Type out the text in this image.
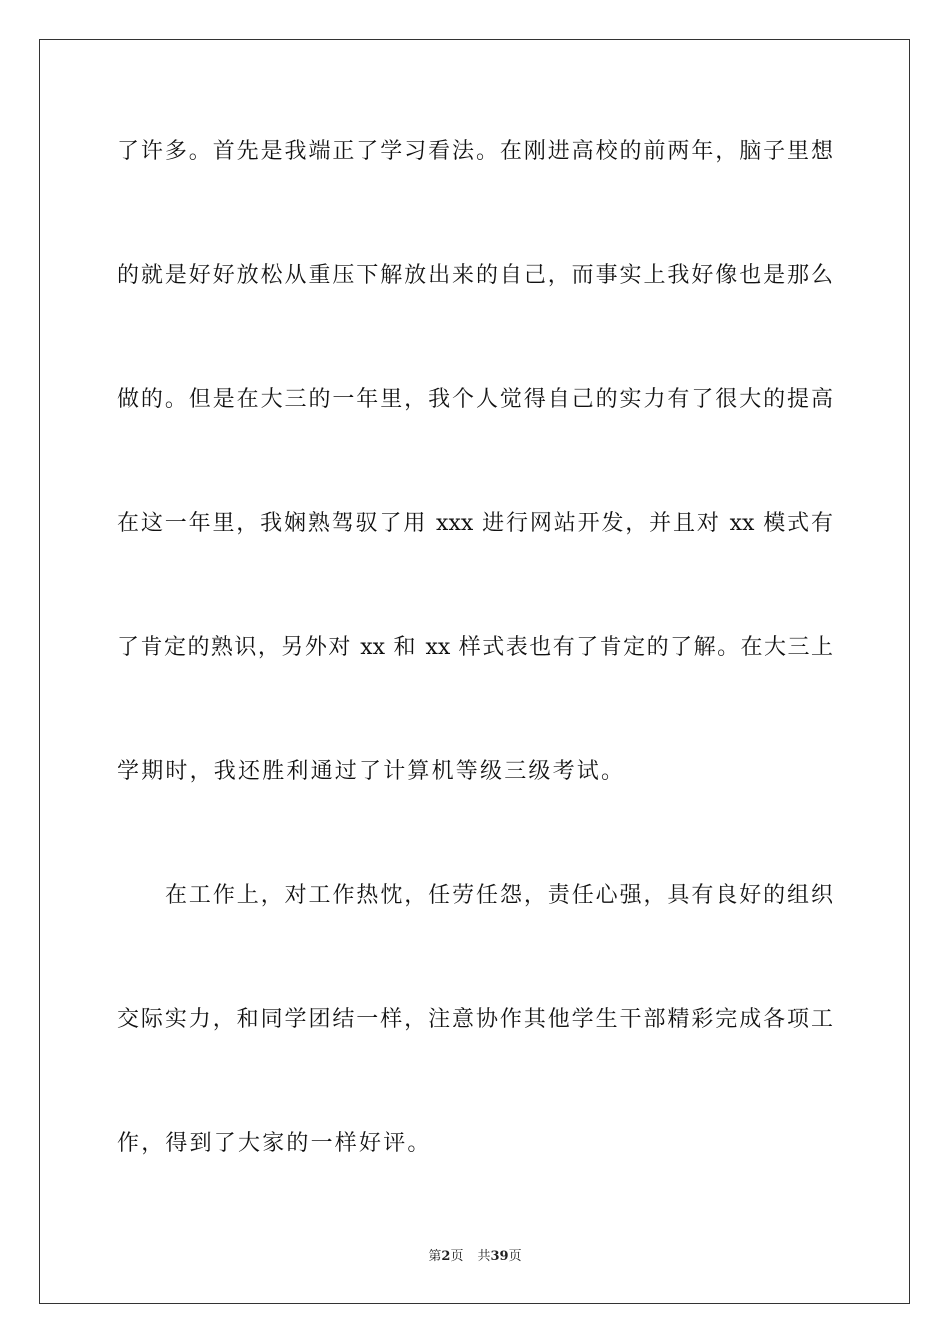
了许多。首先是我端正了学习看法。在刚进高校的前两年，脑子里想
的就是好好放松从重压下解放出来的自己，而事实上我好像也是那么
做的。但是在大三的一年里，我个人觉得自己的实力有了很大的提高
在这一年里，我娴熟驾驭了用 xxx 进行网站开发，并且对 xx 模式有
了肯定的熟识，另外对 xx 和 xx 样式表也有了肯定的了解。在大三上
学期时，我还胜利通过了计算机等级三级考试。
在工作上，对工作热忱，任劳任怨，责任心强，具有良好的组织
交际实力，和同学团结一样，注意协作其他学生干部精彩完成各项工
作，得到了大家的一样好评。
第2页 共39页
